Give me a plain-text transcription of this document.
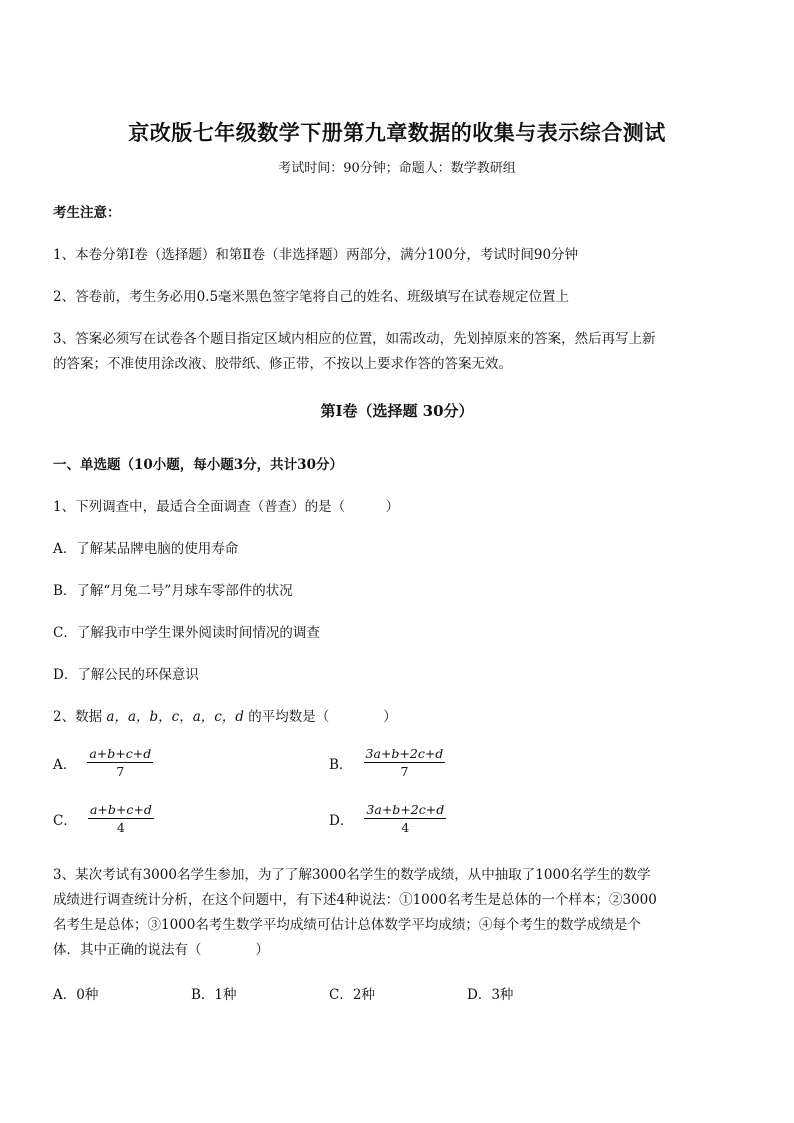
京改版七年级数学下册第九章数据的收集与表示综合测试
考试时间：90分钟；命题人：数学教研组
考生注意：
1、本卷分第Ⅰ卷（选择题）和第Ⅱ卷（非选择题）两部分，满分100分，考试时间90分钟
2、答卷前，考生务必用0.5毫米黑色签字笔将自己的姓名、班级填写在试卷规定位置上
3、答案必须写在试卷各个题目指定区域内相应的位置，如需改动，先划掉原来的答案，然后再写上新
的答案；不准使用涂改液、胶带纸、修正带，不按以上要求作答的答案无效。
第Ⅰ卷（选择题 30分）
一、单选题（10小题，每小题3分，共计30分）
1、下列调查中，最适合全面调查（普查）的是（　　　）
A．了解某品牌电脑的使用寿命
B．了解“月兔二号”月球车零部件的状况
C．了解我市中学生课外阅读时间情况的调查
D．了解公民的环保意识
2、数据 a，a，b，c，a，c，d 的平均数是（　　　　）
A． $\frac{a+b+c+d}{7}$	B． $\frac{3a+b+2c+d}{7}$
C． $\frac{a+b+c+d}{4}$	D． $\frac{3a+b+2c+d}{4}$
3、某次考试有3000名学生参加，为了了解3000名学生的数学成绩，从中抽取了1000名学生的数学
成绩进行调查统计分析，在这个问题中，有下述4种说法：①1000名考生是总体的一个样本；②3000
名考生是总体；③1000名考生数学平均成绩可估计总体数学平均成绩；④每个考生的数学成绩是个
体．其中正确的说法有（　　　　）
A．0种	B．1种	C．2种	D．3种
